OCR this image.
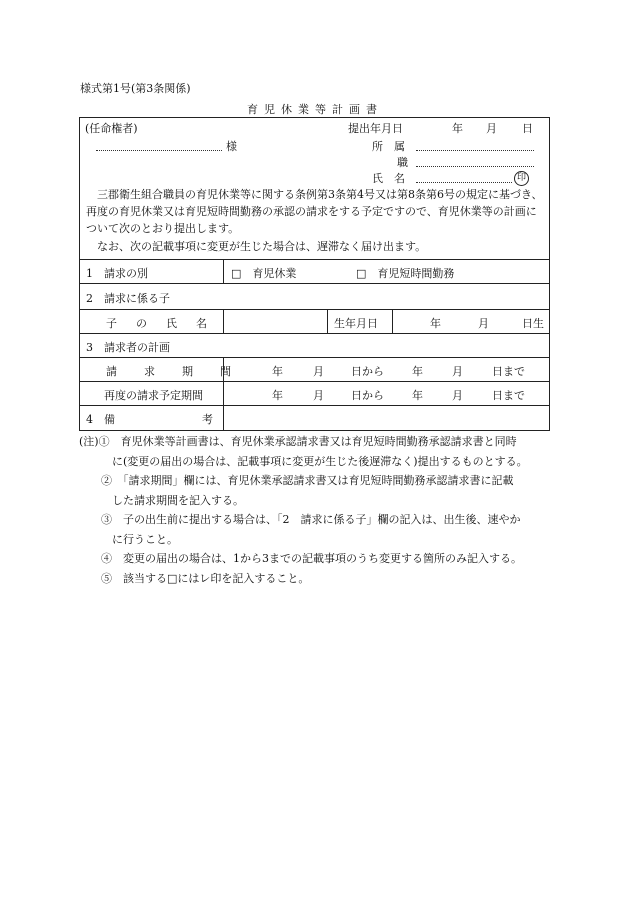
様式第1号(第3条関係)
育児休業等計画書
(任命権者)	提出年月日	年 月 日
様	所　属
職
氏　名	印
　三郡衛生組合職員の育児休業等に関する条例第3条第4号又は第8条第6号の規定に基づき、再度の育児休業又は育児短時間勤務の承認の請求をする予定ですので、育児休業等の計画について次のとおり提出します。
　なお、次の記載事項に変更が生じた場合は、遅滞なく届け出ます。
1　請求の別	□　育児休業	□　育児短時間勤務
2　請求に係る子
子　の　氏　名	生年月日	年	月	日生
3　請求者の計画
請　求　期　間	年	月 日から	年	月	日まで
再度の請求予定期間	年	月 日から	年	月	日まで
4　備	考
(注)①　育児休業等計画書は、育児休業承認請求書又は育児短時間勤務承認請求書と同時
に(変更の届出の場合は、記載事項に変更が生じた後遅滞なく)提出するものとする。
②　「請求期間」欄には、育児休業承認請求書又は育児短時間勤務承認請求書に記載
した請求期間を記入する。
③　子の出生前に提出する場合は、「2　請求に係る子」欄の記入は、出生後、速やか
に行うこと。
④　変更の届出の場合は、1から3までの記載事項のうち変更する箇所のみ記入する。
⑤　該当する□にはレ印を記入すること。
